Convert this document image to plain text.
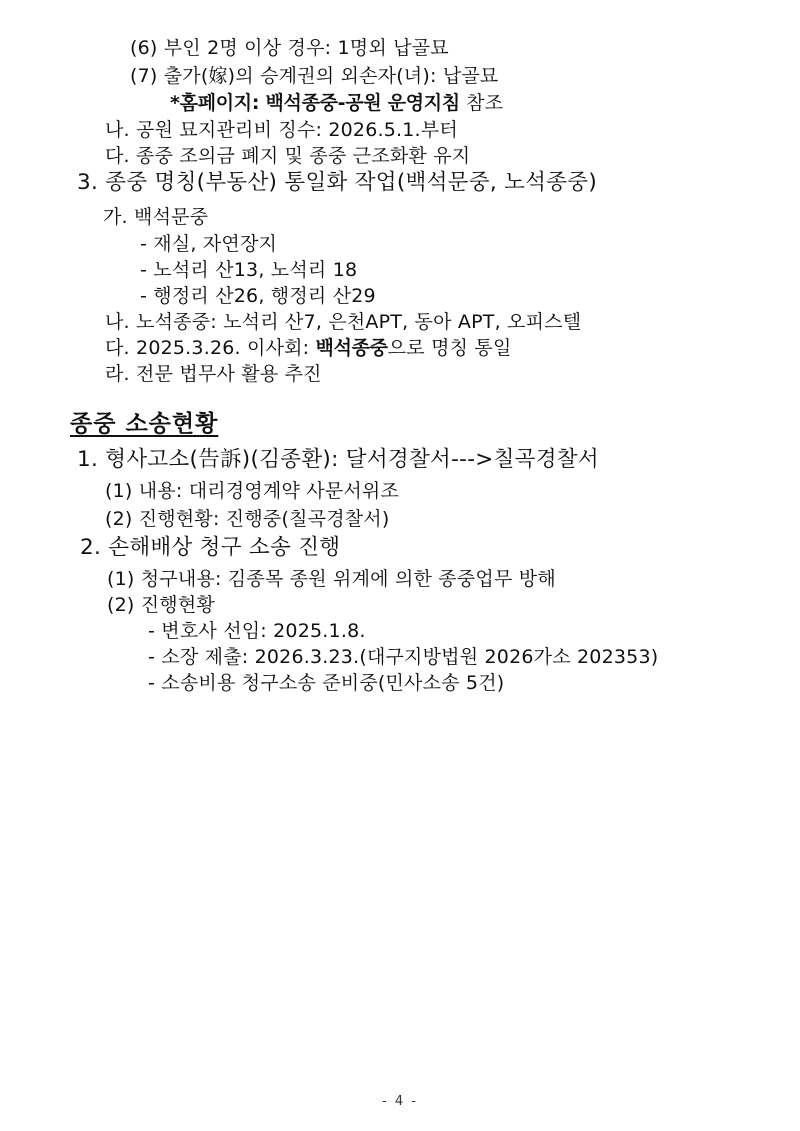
(6) 부인 2명 이상 경우: 1명외 납골묘
(7) 출가(嫁)의 승계권의 외손자(녀): 납골묘
*홈페이지: 백석종중-공원 운영지침 참조
나. 공원 묘지관리비 징수: 2026.5.1.부터
다. 종중 조의금 폐지 및 종중 근조화환 유지
3. 종중 명칭(부동산) 통일화 작업(백석문중, 노석종중)
가. 백석문중
- 재실, 자연장지
- 노석리 산13, 노석리 18
- 행정리 산26, 행정리 산29
나. 노석종중: 노석리 산7, 은천APT, 동아 APT, 오피스텔
다. 2025.3.26. 이사회: 백석종중으로 명칭 통일
라. 전문 법무사 활용 추진
종중 소송현황
1. 형사고소(告訴)(김종환): 달서경찰서--->칠곡경찰서
(1) 내용: 대리경영계약 사문서위조
(2) 진행현황: 진행중(칠곡경찰서)
2. 손해배상 청구 소송 진행
(1) 청구내용: 김종목 종원 위계에 의한 종중업무 방해
(2) 진행현황
- 변호사 선임: 2025.1.8.
- 소장 제출: 2026.3.23.(대구지방법원 2026가소 202353)
- 소송비용 청구소송 준비중(민사소송 5건)
- 4 -
